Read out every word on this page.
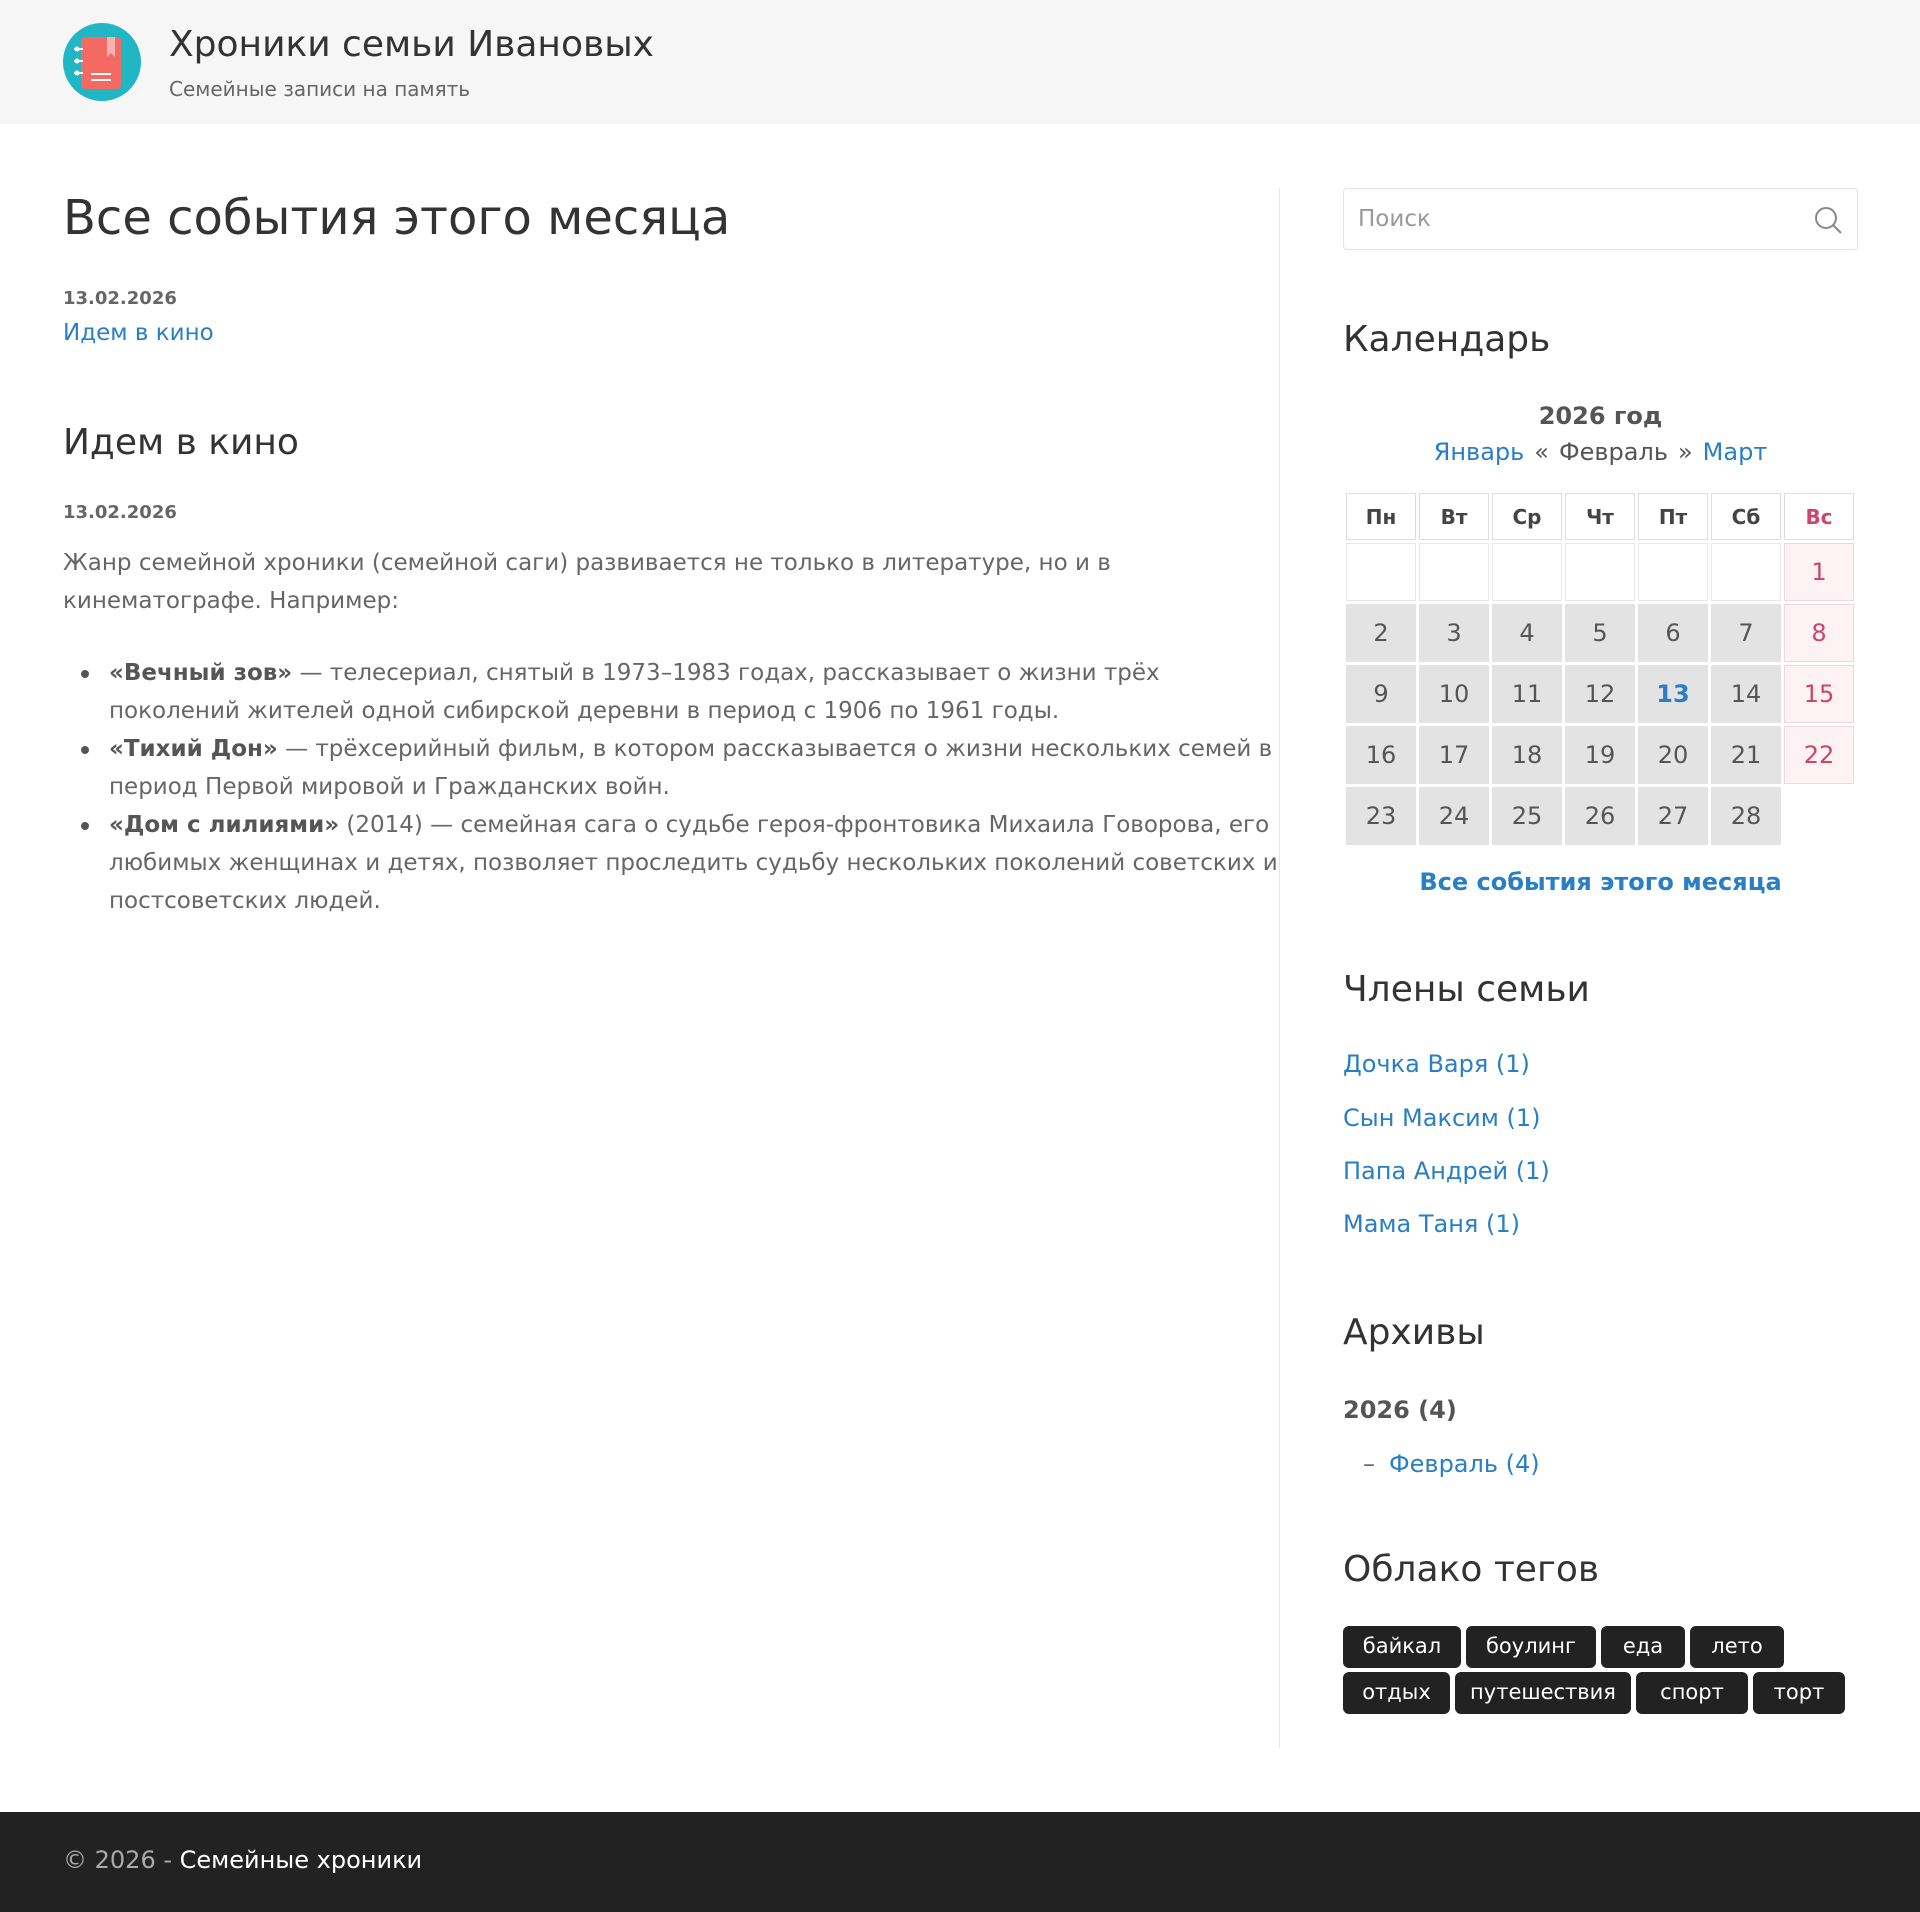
Хроники семьи Ивановых
Семейные записи на память
Все события этого месяца
13.02.2026
Идем в кино
Идем в кино
13.02.2026

Жанр семейной хроники (семейной саги) развивается не только в литературе, но и в кинематографе. Например:

«Вечный зов» — телесериал, снятый в 1973–1983 годах, рассказывает о жизни трёх поколений жителей одной сибирской деревни в период с 1906 по 1961 годы.
«Тихий Дон» — трёхсерийный фильм, в котором рассказывается о жизни нескольких семей в период Первой мировой и Гражданских войн.
«Дом с лилиями» (2014) — семейная сага о судьбе героя-фронтовика Михаила Говорова, его любимых женщинах и детях, позволяет проследить судьбу нескольких поколений советских и постсоветских людей.
Поиск
Календарь
2026 год
Январь « Февраль » Март
Пн	Вт	Ср	Чт	Пт	Сб	Вс
						1
2	3	4	5	6	7	8
9	10	11	12	13	14	15
16	17	18	19	20	21	22
23	24	25	26	27	28	
Все события этого месяца
Члены семьи
Дочка Варя (1)
Сын Максим (1)
Папа Андрей (1)
Мама Таня (1)
Архивы
2026 (4)
– Февраль (4)
Облако тегов
байкал	боулинг	еда	лето
отдых	путешествия	спорт	торт
© 2026 - Семейные хроники
